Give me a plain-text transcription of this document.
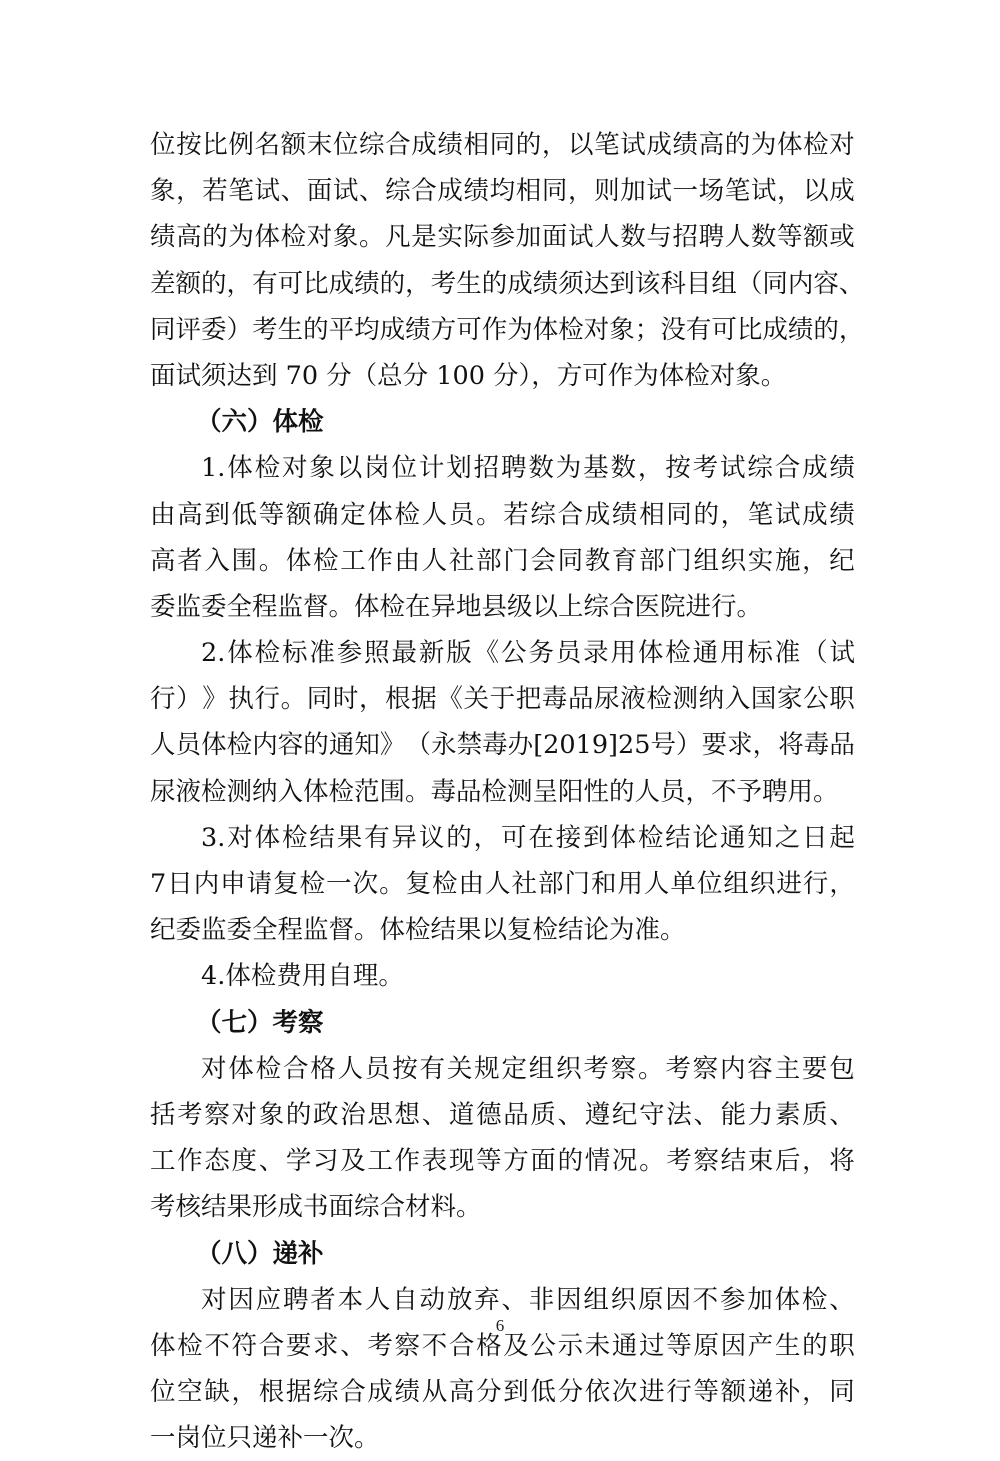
位 按 比 例 名 额 末 位 综 合 成 绩 相 同 的 ， 以 笔 试 成 绩 高 的 为 体 检 对
象 ， 若 笔 试 、 面 试 、 综 合 成 绩 均 相 同 ， 则 加 试 一 场 笔 试 ， 以 成
绩 高 的 为 体 检 对 象 。 凡 是 实 际 参 加 面 试 人 数 与 招 聘 人 数 等 额 或
差 额 的 ， 有 可 比 成 绩 的 ， 考 生 的 成 绩 须 达 到 该 科 目 组 （ 同 内 容 、
同 评 委 ） 考 生 的 平 均 成 绩 方 可 作 为 体 检 对 象 ； 没 有 可 比 成 绩 的 ，
面试须达到 70 分（总分 100 分），方可作为体检对象。
（六）体检
1. 体 检 对 象 以 岗 位 计 划 招 聘 数 为 基 数 ， 按 考 试 综 合 成 绩
由 高 到 低 等 额 确 定 体 检 人 员 。 若 综 合 成 绩 相 同 的 ， 笔 试 成 绩
高 者 入 围 。 体 检 工 作 由 人 社 部 门 会 同 教 育 部 门 组 织 实 施 ， 纪
委监委全程监督。体检在异地县级以上综合医院进行。
2. 体 检 标 准 参 照 最 新 版 《 公 务 员 录 用 体 检 通 用 标 准 （ 试
行 ） 》 执 行 。 同 时 ， 根 据 《 关 于 把 毒 品 尿 液 检 测 纳 入 国 家 公 职
人 员 体 检 内 容 的 通 知 》 （ 永 禁 毒 办 [2019]25 号 ） 要 求 ， 将 毒 品
尿液检测纳入体检范围。毒品检测呈阳性的人员，不予聘用。
3. 对 体 检 结 果 有 异 议 的 ， 可 在 接 到 体 检 结 论 通 知 之 日 起
7 日 内 申 请 复 检 一 次 。 复 检 由 人 社 部 门 和 用 人 单 位 组 织 进 行 ，
纪委监委全程监督。体检结果以复检结论为准。
4.体检费用自理。
（七）考察
对 体 检 合 格 人 员 按 有 关 规 定 组 织 考 察 。 考 察 内 容 主 要 包
括 考 察 对 象 的 政 治 思 想 、 道 德 品 质 、 遵 纪 守 法 、 能 力 素 质 、
工 作 态 度 、 学 习 及 工 作 表 现 等 方 面 的 情 况 。 考 察 结 束 后 ， 将
考核结果形成书面综合材料。
（八）递补
对 因 应 聘 者 本 人 自 动 放 弃 、 非 因 组 织 原 因 不 参 加 体 检 、
体 检 不 符 合 要 求 、 考 察 不 合 格 及 公 示 未 通 过 等 原 因 产 生 的 职
位 空 缺 ， 根 据 综 合 成 绩 从 高 分 到 低 分 依 次 进 行 等 额 递 补 ， 同
一岗位只递补一次。
6
